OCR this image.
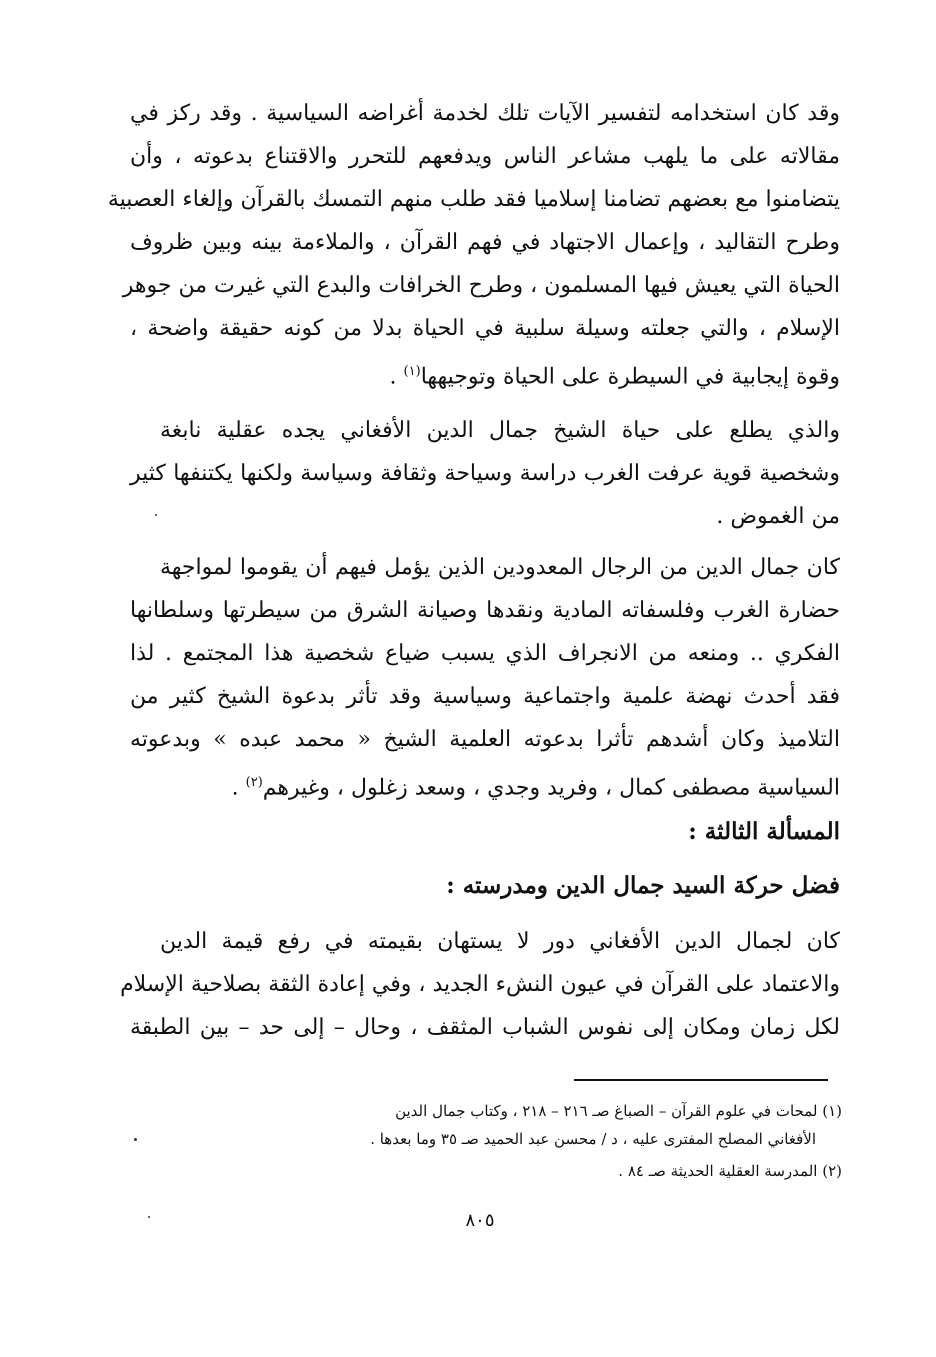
وقد كان استخدامه لتفسير الآيات تلك لخدمة أغراضه السياسية . وقد ركز في
مقالاته على ما يلهب مشاعر الناس ويدفعهم للتحرر والاقتناع بدعوته ، وأن
يتضامنوا مع بعضهم تضامنا إسلاميا فقد طلب منهم التمسك بالقرآن وإلغاء العصبية
وطرح التقاليد ، وإعمال الاجتهاد في فهم القرآن ، والملاءمة بينه وبين ظروف
الحياة التي يعيش فيها المسلمون ، وطرح الخرافات والبدع التي غيرت من جوهر
الإسلام ، والتي جعلته وسيلة سلبية في الحياة بدلا من كونه حقيقة واضحة ،
وقوة إيجابية في السيطرة على الحياة وتوجيهها$^{(١)}$ .
والذي يطلع على حياة الشيخ جمال الدين الأفغاني يجده عقلية نابغة
وشخصية قوية عرفت الغرب دراسة وسياحة وثقافة وسياسة ولكنها يكتنفها كثير
من الغموض .
كان جمال الدين من الرجال المعدودين الذين يؤمل فيهم أن يقوموا لمواجهة
حضارة الغرب وفلسفاته المادية ونقدها وصيانة الشرق من سيطرتها وسلطانها
الفكري .. ومنعه من الانجراف الذي يسبب ضياع شخصية هذا المجتمع . لذا
فقد أحدث نهضة علمية واجتماعية وسياسية وقد تأثر بدعوة الشيخ كثير من
التلاميذ وكان أشدهم تأثرا بدعوته العلمية الشيخ « محمد عبده » وبدعوته
السياسية مصطفى كمال ، وفريد وجدي ، وسعد زغلول ، وغيرهم$^{(٢)}$ .
المسألة الثالثة :
فضل حركة السيد جمال الدين ومدرسته :
كان لجمال الدين الأفغاني دور لا يستهان بقيمته في رفع قيمة الدين
والاعتماد على القرآن في عيون النشء الجديد ، وفي إعادة الثقة بصلاحية الإسلام
لكل زمان ومكان إلى نفوس الشباب المثقف ، وحال – إلى حد – بين الطبقة
(١) لمحات في علوم القرآن – الصباغ صـ ٢١٦ – ٢١٨ ، وكتاب جمال الدين
الأفغاني المصلح المفترى عليه ، د / محسن عبد الحميد صـ ٣٥ وما بعدها .
(٢) المدرسة العقلية الحديثة صـ ٨٤ .
٨٠٥
